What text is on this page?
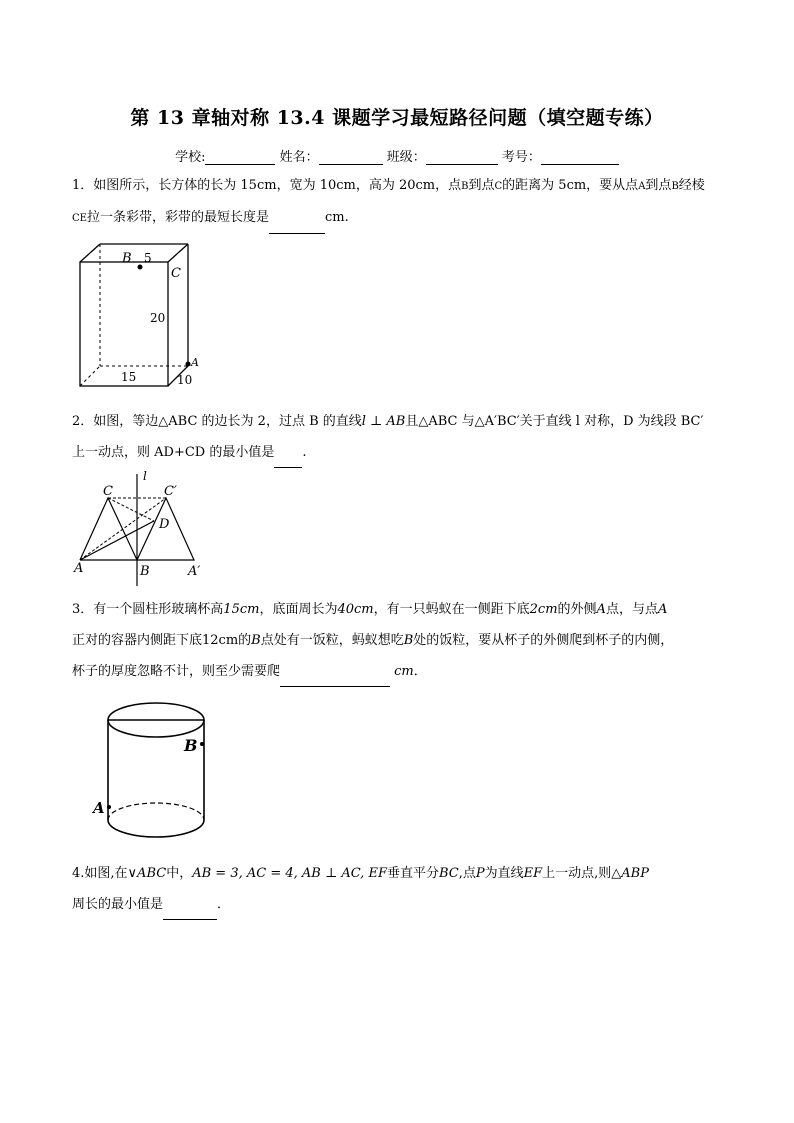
第 13 章轴对称 13.4 课题学习最短路径问题（填空题专练）
学校:	姓名：	班级：	考号：
1．如图所示，长方体的长为 15cm，宽为 10cm，高为 20cm，点B到点C的距离为 5cm，要从点A到点B经棱
CE拉一条彩带，彩带的最短长度是	cm.
B 5
C
20
A
15	10
2．如图，等边△ABC 的边长为 2，过点 B 的直线l ⊥ AB且△ABC 与△A′BC′关于直线 l 对称，D 为线段 BC′
上一动点，则 AD+CD 的最小值是 .
l
C	C′
D
A	B	A′
3．有一个圆柱形玻璃杯高15cm，底面周长为40cm，有一只蚂蚁在一侧距下底2cm的外侧A点，与点A
正对的容器内侧距下底12cm的B点处有一饭粒，蚂蚁想吃B处的饭粒，要从杯子的外侧爬到杯子的内侧，
杯子的厚度忽略不计，则至少需要爬	cm．
B
A
4.如图,在∨ABC中，AB = 3, AC = 4, AB ⊥ AC, EF垂直平分BC,点P为直线EF上一动点,则△ABP
周长的最小值是	．
